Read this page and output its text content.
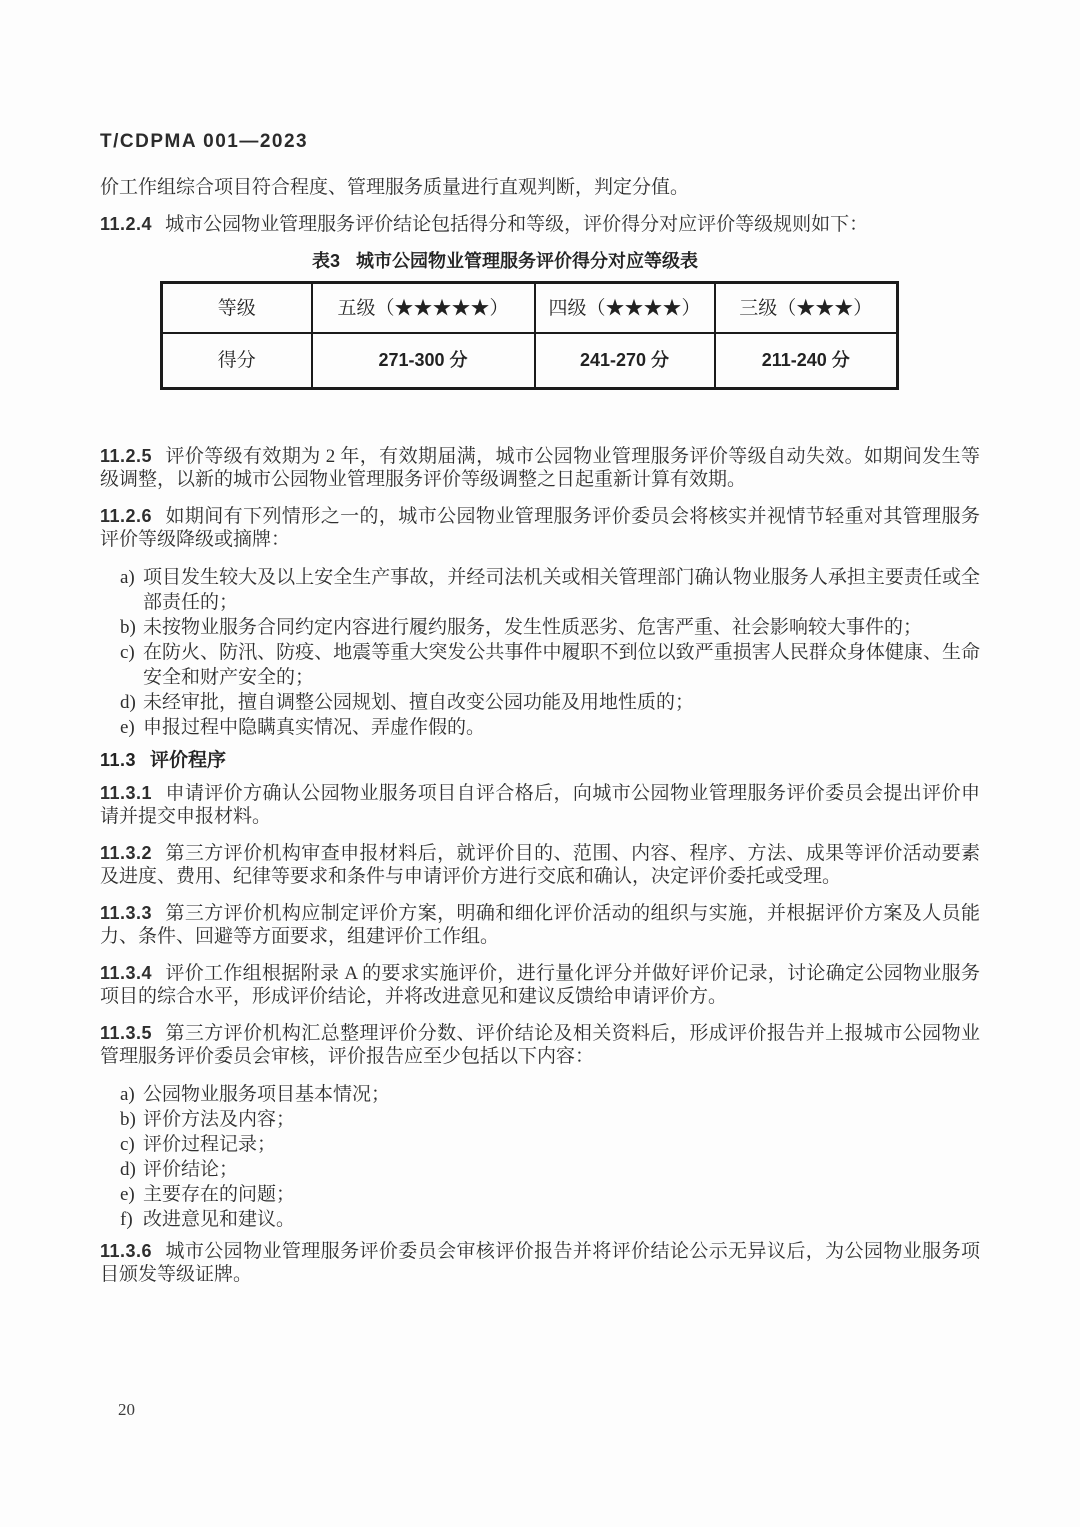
T/CDPMA 001—2023

价工作组综合项目符合程度、管理服务质量进行直观判断，判定分值。

11.2.4 城市公园物业管理服务评价结论包括得分和等级，评价得分对应评价等级规则如下：

表3 城市公园物业管理服务评价得分对应等级表
等级	五级（★★★★★）	四级（★★★★）	三级（★★★）
得分	271-300 分	241-270 分	211-240 分

11.2.5 评价等级有效期为 2 年，有效期届满，城市公园物业管理服务评价等级自动失效。如期间发生等级调整，以新的城市公园物业管理服务评价等级调整之日起重新计算有效期。

11.2.6 如期间有下列情形之一的，城市公园物业管理服务评价委员会将核实并视情节轻重对其管理服务评价等级降级或摘牌：

a) 项目发生较大及以上安全生产事故，并经司法机关或相关管理部门确认物业服务人承担主要责任或全部责任的；
b) 未按物业服务合同约定内容进行履约服务，发生性质恶劣、危害严重、社会影响较大事件的；
c) 在防火、防汛、防疫、地震等重大突发公共事件中履职不到位以致严重损害人民群众身体健康、生命安全和财产安全的；
d) 未经审批，擅自调整公园规划、擅自改变公园功能及用地性质的；
e) 申报过程中隐瞒真实情况、弄虚作假的。
11.3 评价程序

11.3.1 申请评价方确认公园物业服务项目自评合格后，向城市公园物业管理服务评价委员会提出评价申请并提交申报材料。

11.3.2 第三方评价机构审查申报材料后，就评价目的、范围、内容、程序、方法、成果等评价活动要素及进度、费用、纪律等要求和条件与申请评价方进行交底和确认，决定评价委托或受理。

11.3.3 第三方评价机构应制定评价方案，明确和细化评价活动的组织与实施，并根据评价方案及人员能力、条件、回避等方面要求，组建评价工作组。

11.3.4 评价工作组根据附录 A 的要求实施评价，进行量化评分并做好评价记录，讨论确定公园物业服务项目的综合水平，形成评价结论，并将改进意见和建议反馈给申请评价方。

11.3.5 第三方评价机构汇总整理评价分数、评价结论及相关资料后，形成评价报告并上报城市公园物业管理服务评价委员会审核，评价报告应至少包括以下内容：

a) 公园物业服务项目基本情况；
b) 评价方法及内容；
c) 评价过程记录；
d) 评价结论；
e) 主要存在的问题；
f) 改进意见和建议。

11.3.6 城市公园物业管理服务评价委员会审核评价报告并将评价结论公示无异议后，为公园物业服务项目颁发等级证牌。

20
